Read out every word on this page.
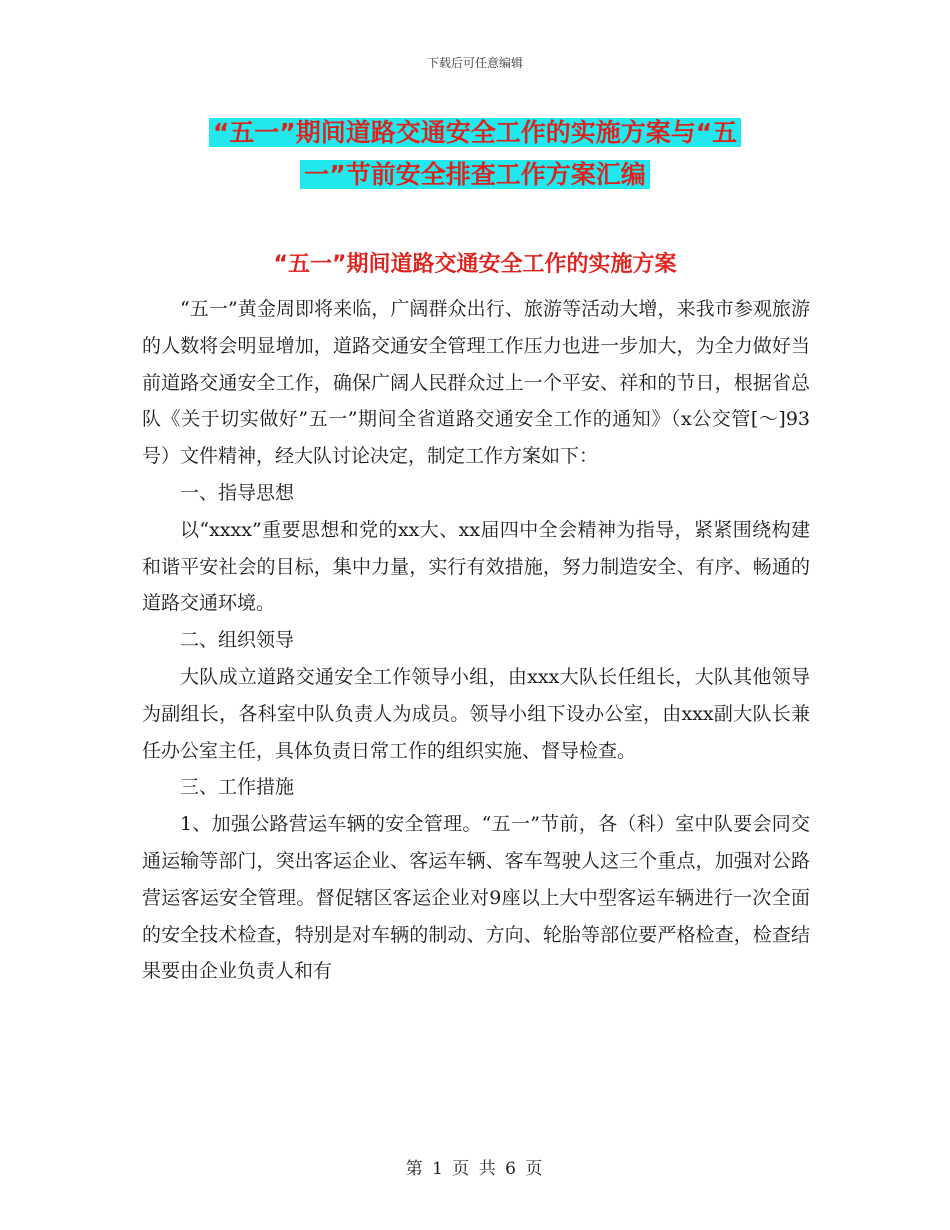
下载后可任意编辑
“五一”期间道路交通安全工作的实施方案与“五
一”节前安全排查工作方案汇编
“五一”期间道路交通安全工作的实施方案

“五一”黄金周即将来临，广阔群众出行、旅游等活动大增，来我市参观旅游的人数将会明显增加，道路交通安全管理工作压力也进一步加大，为全力做好当前道路交通安全工作，确保广阔人民群众过上一个平安、祥和的节日，根据省总队《关于切实做好”五一”期间全省道路交通安全工作的通知》（x公交管[～]93号）文件精神，经大队讨论决定，制定工作方案如下：

一、指导思想

以“xxxx”重要思想和党的xx大、xx届四中全会精神为指导，紧紧围绕构建和谐平安社会的目标，集中力量，实行有效措施，努力制造安全、有序、畅通的道路交通环境。

二、组织领导

大队成立道路交通安全工作领导小组，由xxx大队长任组长，大队其他领导为副组长，各科室中队负责人为成员。领导小组下设办公室，由xxx副大队长兼任办公室主任，具体负责日常工作的组织实施、督导检查。

三、工作措施

1、加强公路营运车辆的安全管理。“五一”节前，各（科）室中队要会同交通运输等部门，突出客运企业、客运车辆、客车驾驶人这三个重点，加强对公路营运客运安全管理。督促辖区客运企业对9座以上大中型客运车辆进行一次全面的安全技术检查，特别是对车辆的制动、方向、轮胎等部位要严格检查，检查结果要由企业负责人和有

第 1 页 共 6 页
